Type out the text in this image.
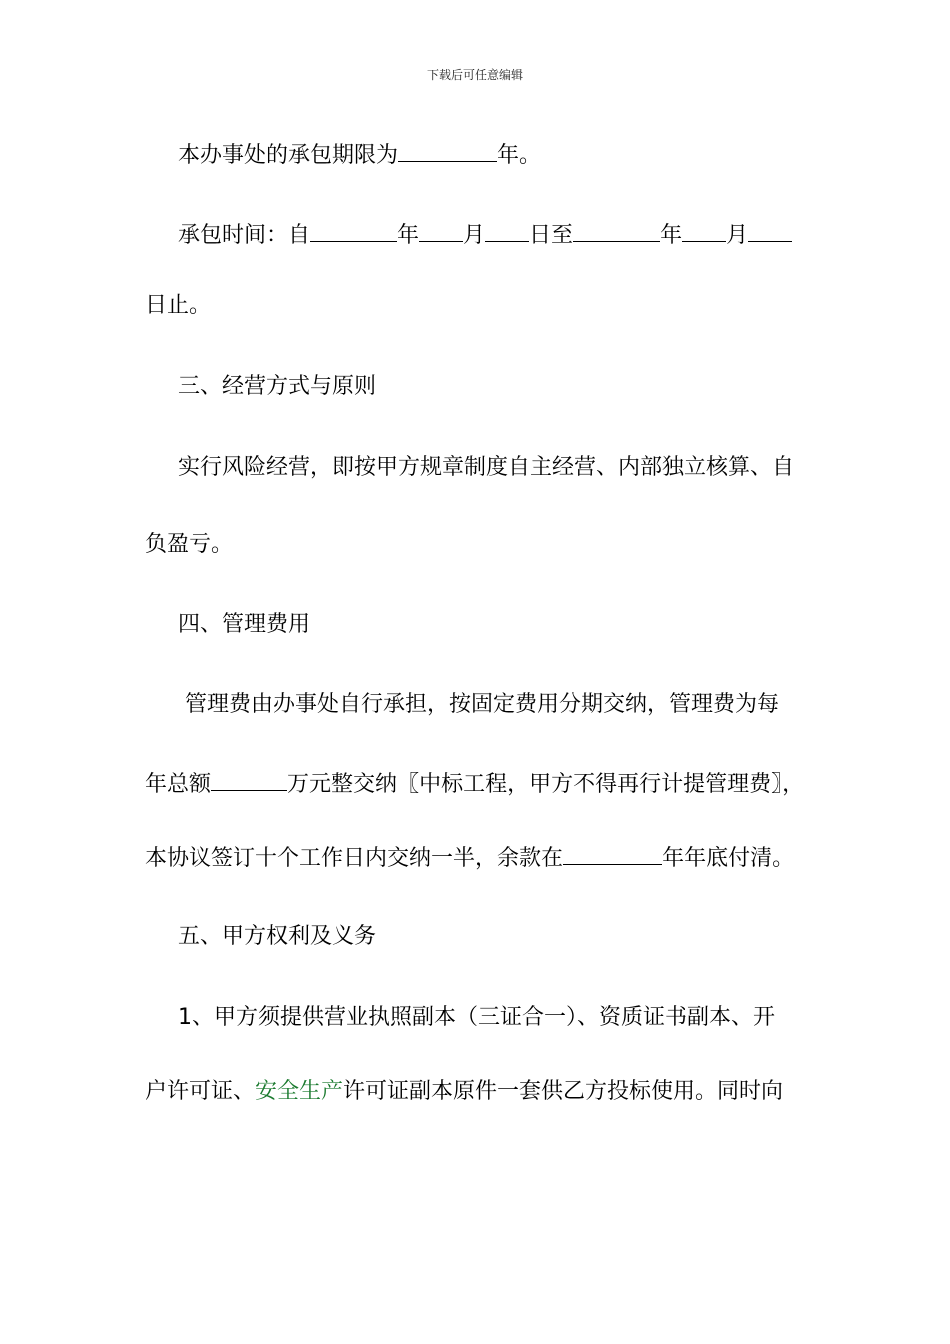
下载后可任意编辑
本办事处的承包期限为	年。
承包时间：自	年 月 日至	年 月
日止。
三、经营方式与原则
实行风险经营，即按甲方规章制度自主经营、内部独立核算、自
负盈亏。
四、管理费用
管理费由办事处自行承担，按固定费用分期交纳，管理费为每
年总额	万元整交纳〖中标工程，甲方不得再行计提管理费〗，
本协议签订十个工作日内交纳一半，余款在	年年底付清。
五、甲方权利及义务
1、甲方须提供营业执照副本（三证合一）、资质证书副本、开
户许可证、安全生产许可证副本原件一套供乙方投标使用。同时向
